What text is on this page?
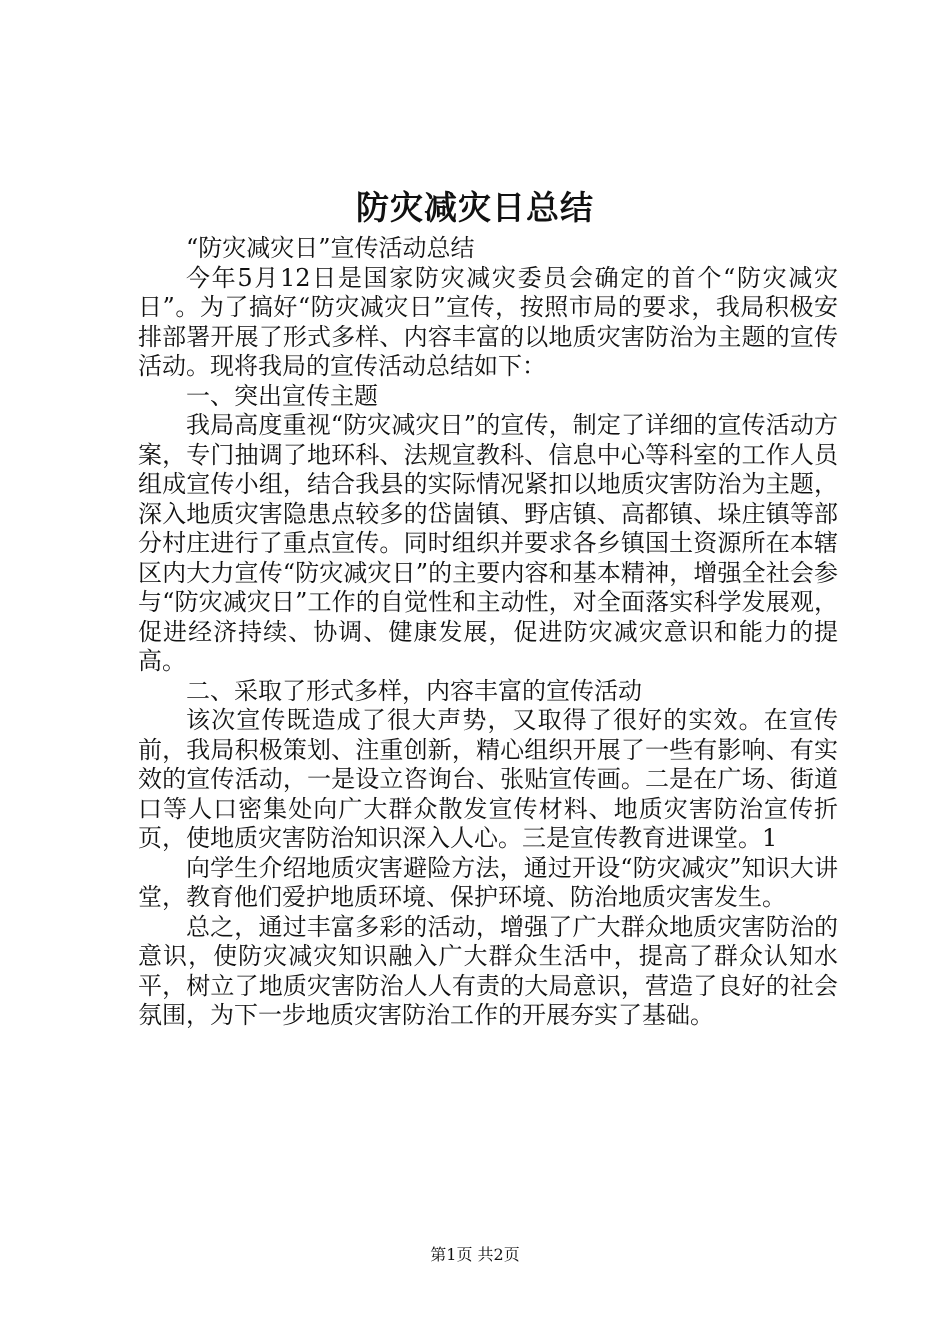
防灾减灾日总结

“防灾减灾日”宣传活动总结

今年5月12日是国家防灾减灾委员会确定的首个“防灾减灾日”。为了搞好“防灾减灾日”宣传，按照市局的要求，我局积极安排部署开展了形式多样、内容丰富的以地质灾害防治为主题的宣传活动。现将我局的宣传活动总结如下：

一、突出宣传主题

我局高度重视“防灾减灾日”的宣传，制定了详细的宣传活动方案，专门抽调了地环科、法规宣教科、信息中心等科室的工作人员组成宣传小组，结合我县的实际情况紧扣以地质灾害防治为主题，深入地质灾害隐患点较多的岱崮镇、野店镇、高都镇、垛庄镇等部分村庄进行了重点宣传。同时组织并要求各乡镇国土资源所在本辖区内大力宣传“防灾减灾日”的主要内容和基本精神，增强全社会参与“防灾减灾日”工作的自觉性和主动性，对全面落实科学发展观，促进经济持续、协调、健康发展，促进防灾减灾意识和能力的提高。

二、采取了形式多样，内容丰富的宣传活动

该次宣传既造成了很大声势，又取得了很好的实效。在宣传前，我局积极策划、注重创新，精心组织开展了一些有影响、有实效的宣传活动，一是设立咨询台、张贴宣传画。二是在广场、街道口等人口密集处向广大群众散发宣传材料、地质灾害防治宣传折页，使地质灾害防治知识深入人心。三是宣传教育进课堂。1

向学生介绍地质灾害避险方法，通过开设“防灾减灾”知识大讲堂，教育他们爱护地质环境、保护环境、防治地质灾害发生。

总之，通过丰富多彩的活动，增强了广大群众地质灾害防治的意识，使防灾减灾知识融入广大群众生活中，提高了群众认知水平，树立了地质灾害防治人人有责的大局意识，营造了良好的社会氛围，为下一步地质灾害防治工作的开展夯实了基础。

第1页 共2页
